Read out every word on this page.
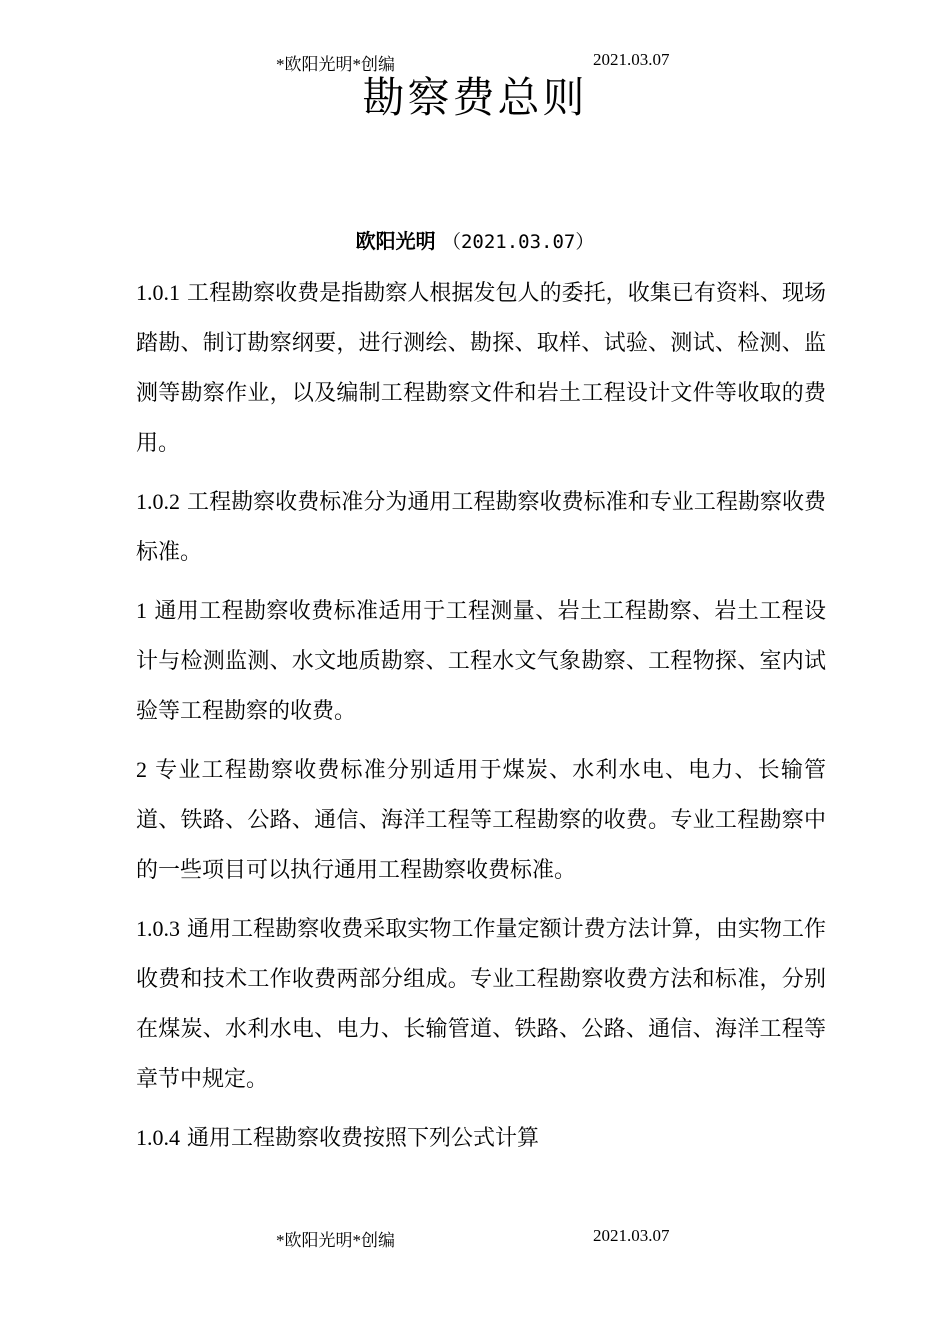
*欧阳光明*创编	2021.03.07
勘察费总则
欧阳光明 （2021.03.07）

1.0.1 工程勘察收费是指勘察人根据发包人的委托，收集已有资料、现场踏勘、制订勘察纲要，进行测绘、勘探、取样、试验、测试、检测、监测等勘察作业，以及编制工程勘察文件和岩土工程设计文件等收取的费用。

1.0.2 工程勘察收费标准分为通用工程勘察收费标准和专业工程勘察收费标准。

1 通用工程勘察收费标准适用于工程测量、岩土工程勘察、岩土工程设计与检测监测、水文地质勘察、工程水文气象勘察、工程物探、室内试验等工程勘察的收费。

2 专业工程勘察收费标准分别适用于煤炭、水利水电、电力、长输管道、铁路、公路、通信、海洋工程等工程勘察的收费。专业工程勘察中的一些项目可以执行通用工程勘察收费标准。

1.0.3 通用工程勘察收费采取实物工作量定额计费方法计算，由实物工作收费和技术工作收费两部分组成。专业工程勘察收费方法和标准，分别在煤炭、水利水电、电力、长输管道、铁路、公路、通信、海洋工程等章节中规定。

1.0.4 通用工程勘察收费按照下列公式计算

*欧阳光明*创编	2021.03.07
